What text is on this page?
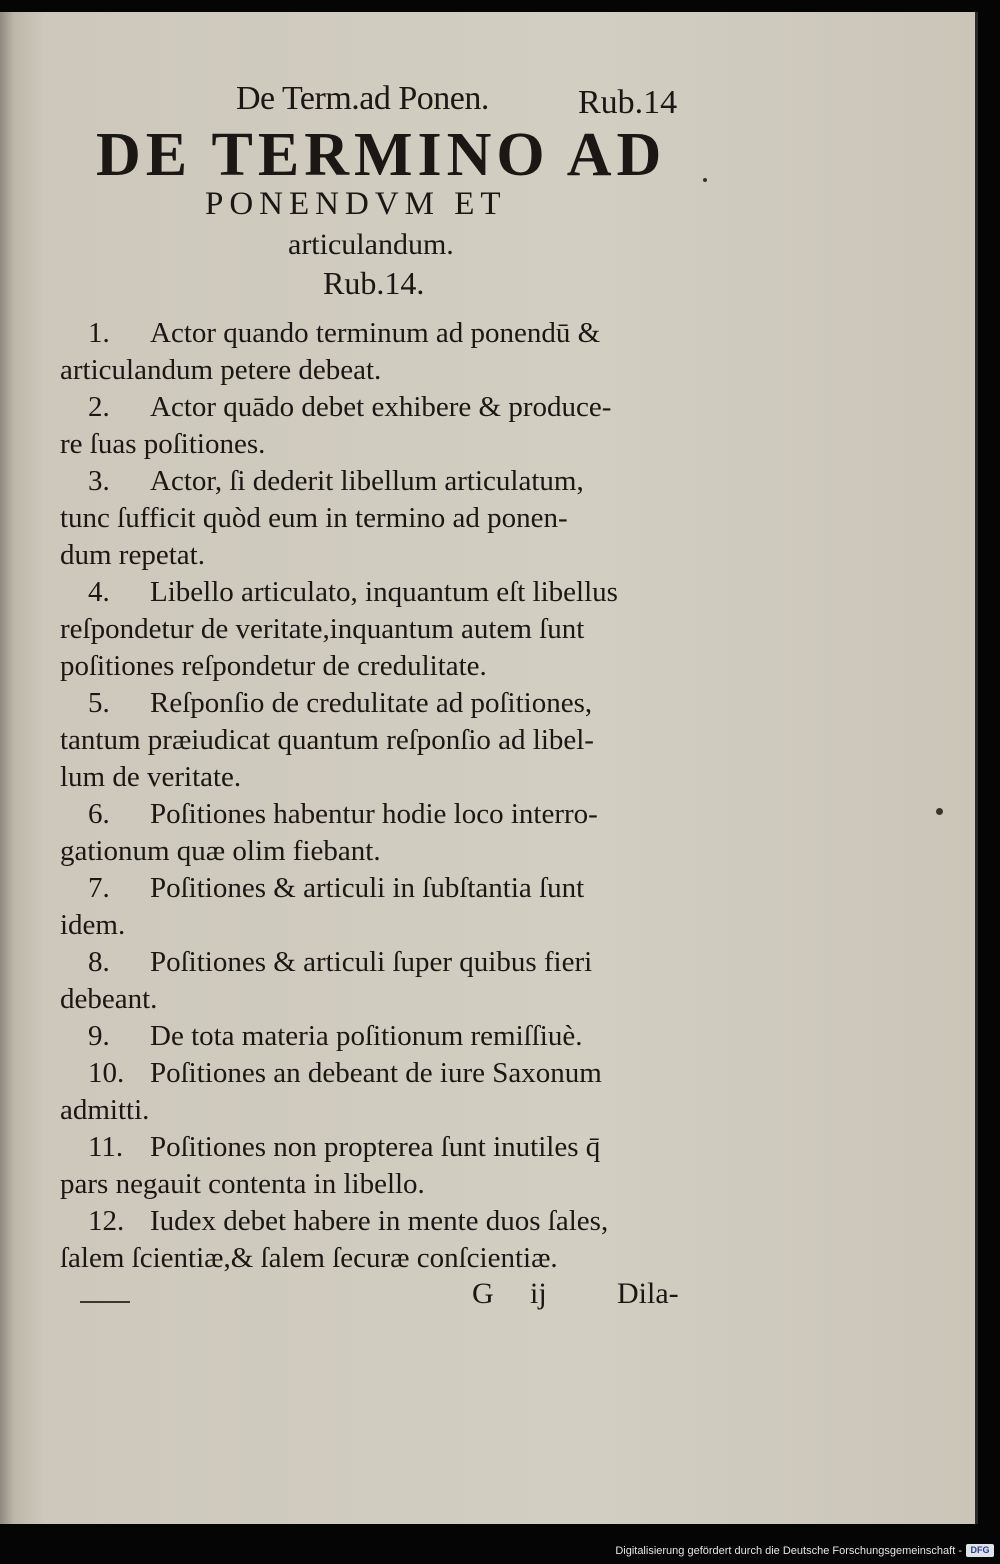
De Term.ad Ponen.	Rub.14
DE TERMINO AD
PONENDVM ET
articulandum.
Rub.14.
1. Actor quando terminum ad ponendū &
articulandum petere debeat.
2. Actor quādo debet exhibere & produce-
re ſuas poſitiones.
3. Actor, ſi dederit libellum articulatum,
tunc ſufficit quòd eum in termino ad ponen-
dum repetat.
4. Libello articulato, inquantum eſt libellus
reſpondetur de veritate,inquantum autem ſunt
poſitiones reſpondetur de credulitate.
5. Reſponſio de credulitate ad poſitiones,
tantum præiudicat quantum reſponſio ad libel-
lum de veritate.
6. Poſitiones habentur hodie loco interro-
gationum quæ olim fiebant.
7. Poſitiones & articuli in ſubſtantia ſunt
idem.
8. Poſitiones & articuli ſuper quibus fieri
debeant.
9. De tota materia poſitionum remiſſiuè.
10. Poſitiones an debeant de iure Saxonum
admitti.
11. Poſitiones non propterea ſunt inutiles q̄
pars negauit contenta in libello.
12. Iudex debet habere in mente duos ſales,
ſalem ſcientiæ,& ſalem ſecuræ conſcientiæ.
G ij Dila-
Digitalisierung gefördert durch die Deutsche Forschungsgemeinschaft - DFG
